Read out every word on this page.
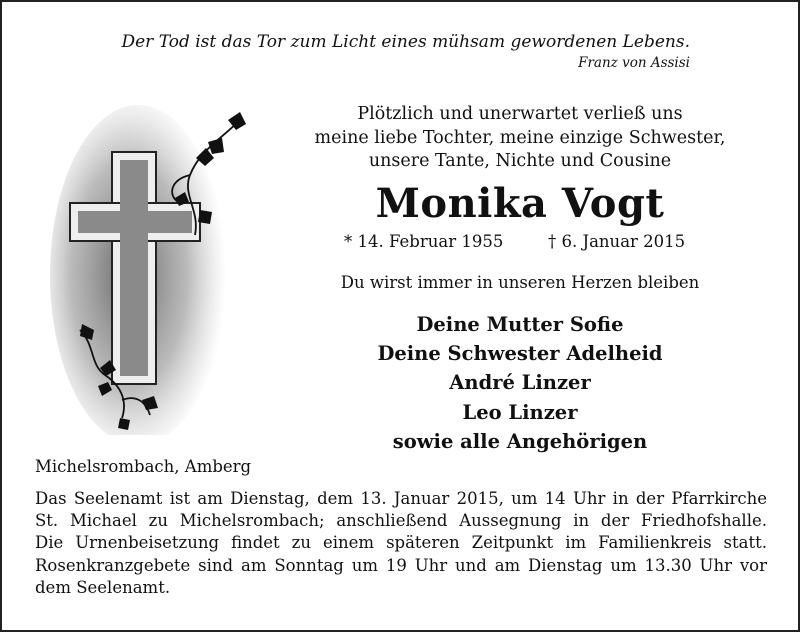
Der Tod ist das Tor zum Licht eines mühsam gewordenen Lebens.
Franz von Assisi
Plötzlich und unerwartet verließ uns
meine liebe Tochter, meine einzige Schwester,
unsere Tante, Nichte und Cousine
Monika Vogt
* 14. Februar 1955	† 6. Januar 2015
Du wirst immer in unseren Herzen bleiben
Deine Mutter Sofie
Deine Schwester Adelheid
André Linzer
Leo Linzer
sowie alle Angehörigen
Michelsrombach, Amberg
Das Seelenamt ist am Dienstag, dem 13. Januar 2015, um 14 Uhr in der Pfarrkirche
St. Michael zu Michelsrombach; anschließend Aussegnung in der Friedhofshalle.
Die Urnenbeisetzung findet zu einem späteren Zeitpunkt im Familienkreis statt.
Rosenkranzgebete sind am Sonntag um 19 Uhr und am Dienstag um 13.30 Uhr vor
dem Seelenamt.
